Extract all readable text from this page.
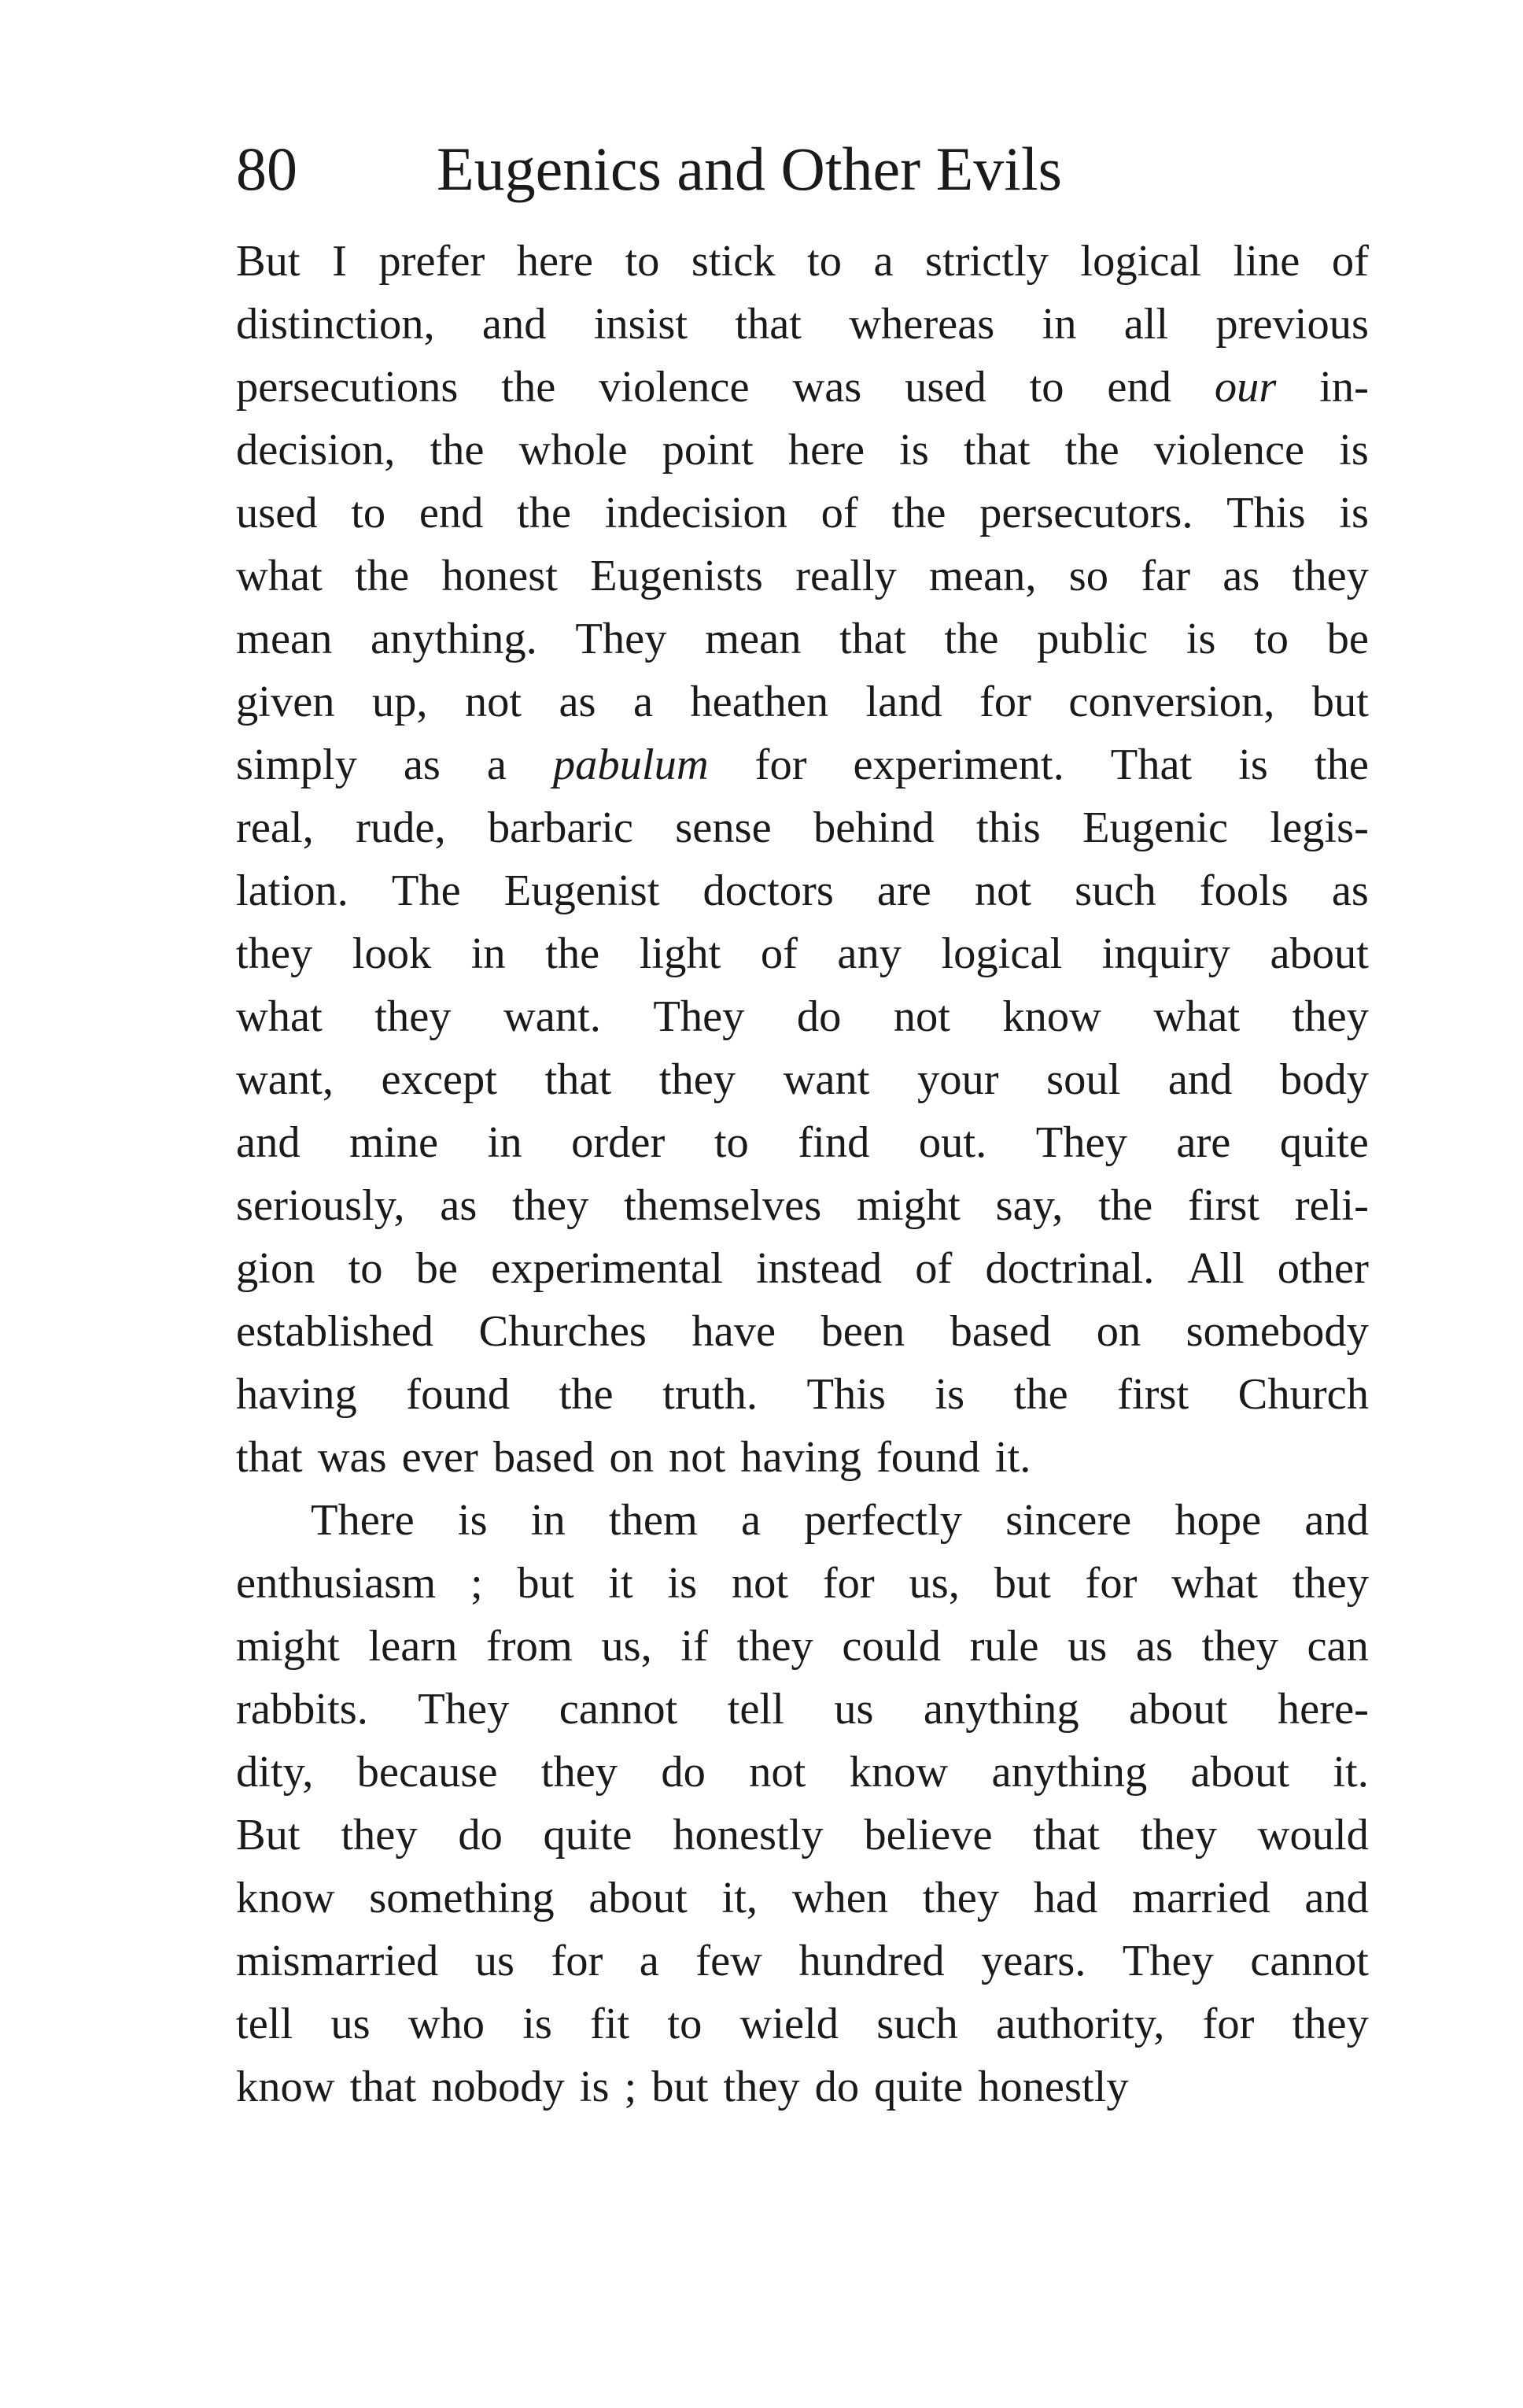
80 Eugenics and Other Evils
But I prefer here to stick to a strictly logical line of
distinction, and insist that whereas in all previous
persecutions the violence was used to end our in-
decision, the whole point here is that the violence is
used to end the indecision of the persecutors. This is
what the honest Eugenists really mean, so far as they
mean anything. They mean that the public is to be
given up, not as a heathen land for conversion, but
simply as a pabulum for experiment. That is the
real, rude, barbaric sense behind this Eugenic legis-
lation. The Eugenist doctors are not such fools as
they look in the light of any logical inquiry about
what they want. They do not know what they
want, except that they want your soul and body
and mine in order to find out. They are quite
seriously, as they themselves might say, the first reli-
gion to be experimental instead of doctrinal. All other
established Churches have been based on somebody
having found the truth. This is the first Church
that was ever based on not having found it.
There is in them a perfectly sincere hope and
enthusiasm ; but it is not for us, but for what they
might learn from us, if they could rule us as they can
rabbits. They cannot tell us anything about here-
dity, because they do not know anything about it.
But they do quite honestly believe that they would
know something about it, when they had married and
mismarried us for a few hundred years. They cannot
tell us who is fit to wield such authority, for they
know that nobody is ; but they do quite honestly
